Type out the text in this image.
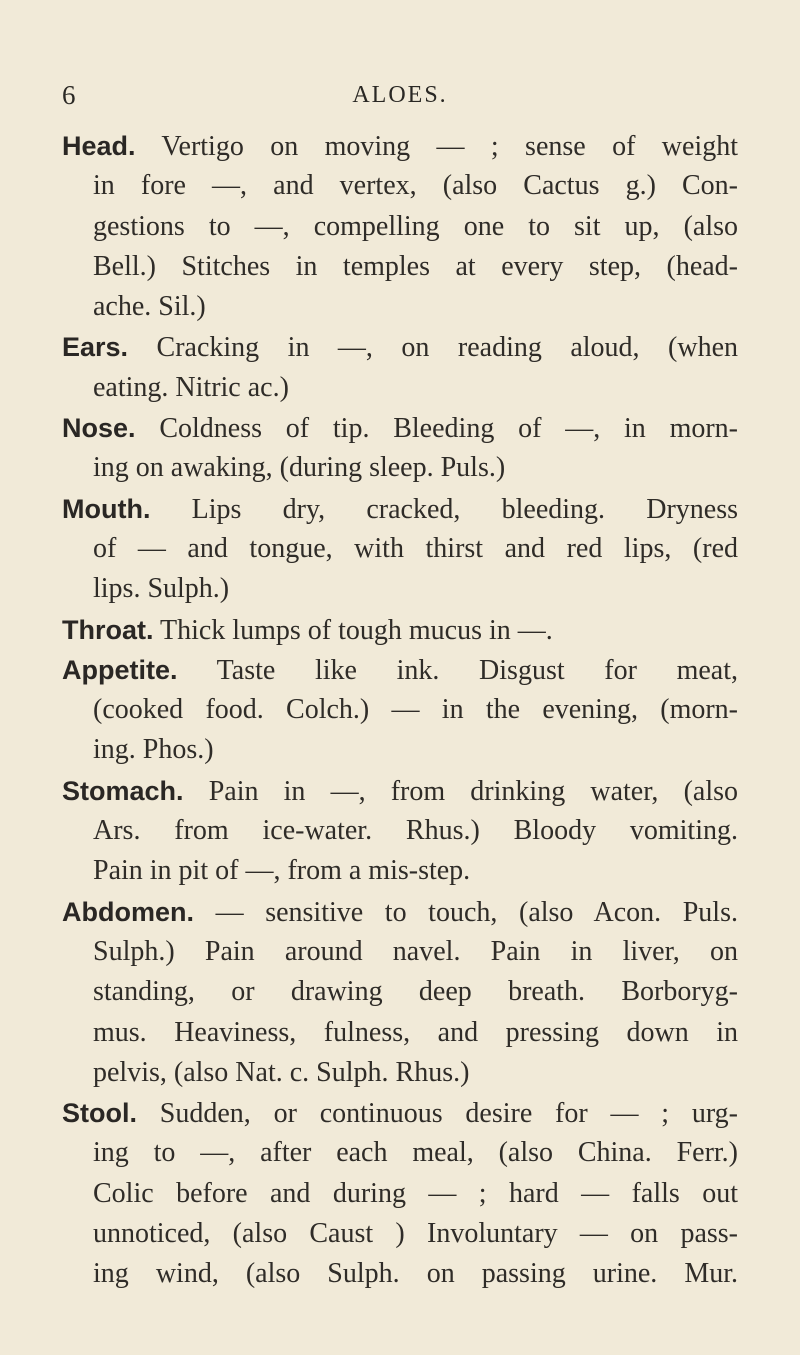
6	ALOES.
Head. Vertigo on moving — ; sense of weight
in fore —, and vertex, (also Cactus g.) Con-
gestions to —, compelling one to sit up, (also
Bell.) Stitches in temples at every step, (head-
ache. Sil.)
Ears. Cracking in —, on reading aloud, (when
eating. Nitric ac.)
Nose. Coldness of tip. Bleeding of —, in morn-
ing on awaking, (during sleep. Puls.)
Mouth. Lips dry, cracked, bleeding. Dryness
of — and tongue, with thirst and red lips, (red
lips. Sulph.)
Throat. Thick lumps of tough mucus in —.
Appetite. Taste like ink. Disgust for meat,
(cooked food. Colch.) — in the evening, (morn-
ing. Phos.)
Stomach. Pain in —, from drinking water, (also
Ars. from ice-water. Rhus.) Bloody vomiting.
Pain in pit of —, from a mis-step.
Abdomen. — sensitive to touch, (also Acon. Puls.
Sulph.) Pain around navel. Pain in liver, on
standing, or drawing deep breath. Borboryg-
mus. Heaviness, fulness, and pressing down in
pelvis, (also Nat. c. Sulph. Rhus.)
Stool. Sudden, or continuous desire for — ; urg-
ing to —, after each meal, (also China. Ferr.)
Colic before and during — ; hard — falls out
unnoticed, (also Caust ) Involuntary — on pass-
ing wind, (also Sulph. on passing urine. Mur.
